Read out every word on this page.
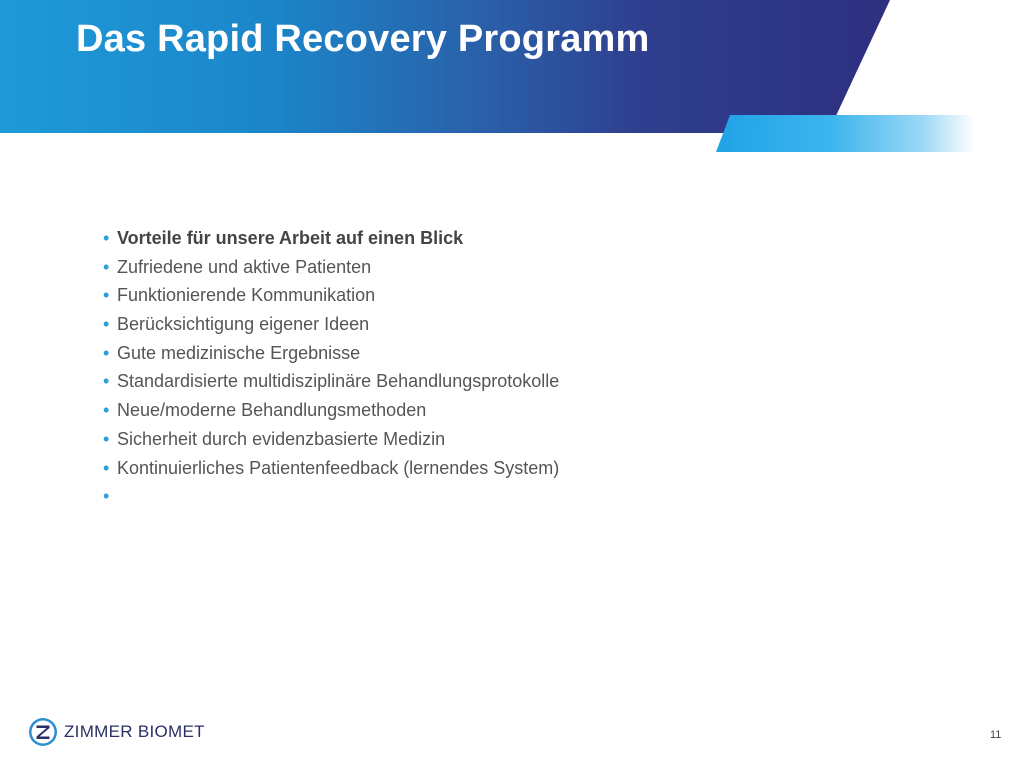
Das Rapid Recovery Programm
• Vorteile für unsere Arbeit auf einen Blick
• Zufriedene und aktive Patienten
• Funktionierende Kommunikation
• Berücksichtigung eigener Ideen
• Gute medizinische Ergebnisse
• Standardisierte multidisziplinäre Behandlungsprotokolle
• Neue/moderne Behandlungsmethoden
• Sicherheit durch evidenzbasierte Medizin
• Kontinuierliches Patientenfeedback (lernendes System)
•
ZIMMER BIOMET	11
